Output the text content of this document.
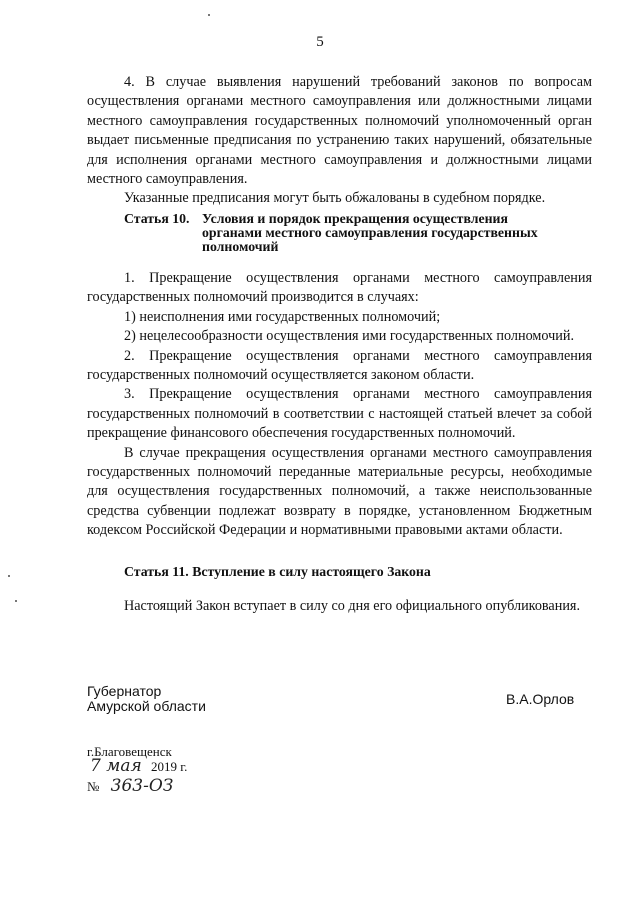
5

4. В случае выявления нарушений требований законов по вопросам осуществления органами местного самоуправления или должностными лицами местного самоуправления государственных полномочий уполномоченный орган выдает письменные предписания по устранению таких нарушений, обязательные для исполнения органами местного самоуправления и должностными лицами местного самоуправления.

Указанные предписания могут быть обжалованы в судебном порядке.

Статья 10. Условия и порядок прекращения осуществления
органами местного самоуправления государственных
полномочий

1. Прекращение осуществления органами местного самоуправления государственных полномочий производится в случаях:

1) неисполнения ими государственных полномочий;

2) нецелесообразности осуществления ими государственных полномочий.

2. Прекращение осуществления органами местного самоуправления государственных полномочий осуществляется законом области.

3. Прекращение осуществления органами местного самоуправления государственных полномочий в соответствии с настоящей статьей влечет за собой прекращение финансового обеспечения государственных полномочий.

В случае прекращения осуществления органами местного самоуправления государственных полномочий переданные материальные ресурсы, необходимые для осуществления государственных полномочий, а также неиспользованные средства субвенции подлежат возврату в порядке, установленном Бюджетным кодексом Российской Федерации и нормативными правовыми актами области.

Статья 11. Вступление в силу настоящего Закона

Настоящий Закон вступает в силу со дня его официального опубликования.

Губернатор
Амурской области	В.А.Орлов
г.Благовещенск
7 мая 2019 г.
№ 363-ОЗ
